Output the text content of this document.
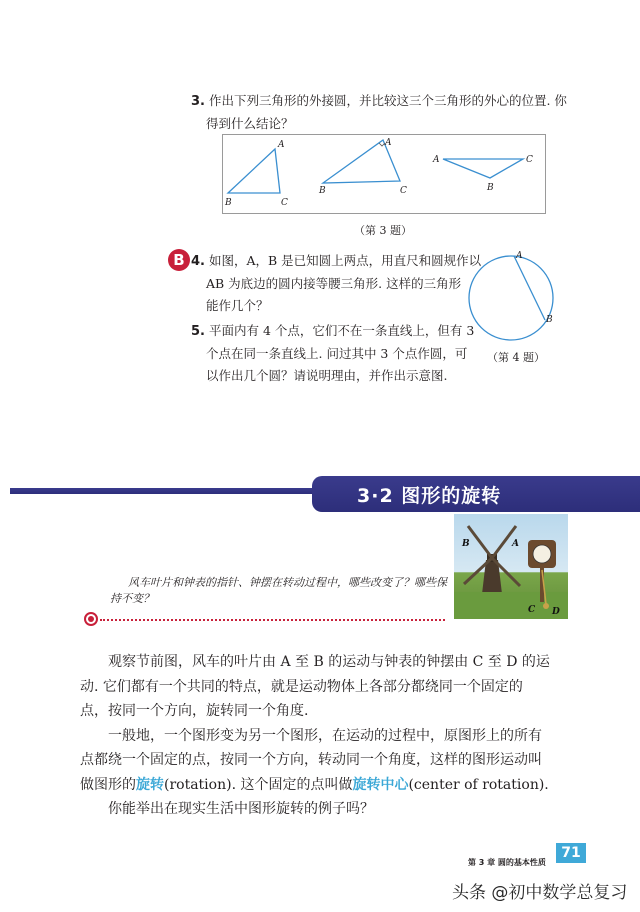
3. 作出下列三角形的外接圆，并比较这三个三角形的外心的位置. 你
得到什么结论？
A
B	C
A
B	C
A	C
B
（第 3 题）
B 4. 如图，A，B 是已知圆上两点，用直尺和圆规作以
AB 为底边的圆内接等腰三角形. 这样的三角形
能作几个？
A
B
（第 4 题）
5. 平面内有 4 个点，它们不在一条直线上，但有 3
个点在同一条直线上. 问过其中 3 个点作圆，可
以作出几个圆？请说明理由，并作出示意图.
3·2 图形的旋转
B	A
C D
风车叶片和钟表的指针、钟摆在转动过程中，哪些改变了？哪些保
持不变？
观察节前图，风车的叶片由 A 至 B 的运动与钟表的钟摆由 C 至 D 的运
动. 它们都有一个共同的特点，就是运动物体上各部分都绕同一个固定的
点，按同一个方向，旋转同一个角度.
一般地，一个图形变为另一个图形，在运动的过程中，原图形上的所有
点都绕一个固定的点，按同一个方向，转动同一个角度，这样的图形运动叫
做图形的旋转(rotation). 这个固定的点叫做旋转中心(center of rotation).
你能举出在现实生活中图形旋转的例子吗？
第 3 章 圆的基本性质
71
头条 @初中数学总复习
